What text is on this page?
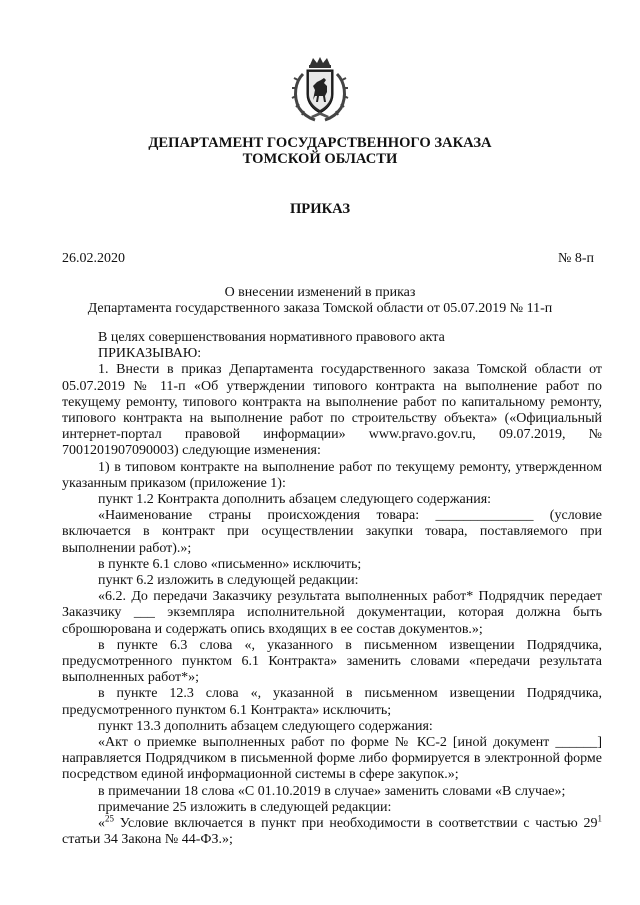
ДЕПАРТАМЕНТ ГОСУДАРСТВЕННОГО ЗАКАЗА
ТОМСКОЙ ОБЛАСТИ
ПРИКАЗ
26.02.2020	№ 8-п
О внесении изменений в приказ
Департамента государственного заказа Томской области от 05.07.2019 № 11-п

В целях совершенствования нормативного правового акта

ПРИКАЗЫВАЮ:

1. Внести в приказ Департамента государственного заказа Томской области от 05.07.2019 № 11-п «Об утверждении типового контракта на выполнение работ по текущему ремонту, типового контракта на выполнение работ по капитальному ремонту, типового контракта на выполнение работ по строительству объекта» («Официальный интернет-портал правовой информации» www.pravo.gov.ru, 09.07.2019, № 7001201907090003) следующие изменения:

1) в типовом контракте на выполнение работ по текущему ремонту, утвержденном указанным приказом (приложение 1):

пункт 1.2 Контракта дополнить абзацем следующего содержания:

«Наименование страны происхождения товара: ______________ (условие включается в контракт при осуществлении закупки товара, поставляемого при выполнении работ).»;

в пункте 6.1 слово «письменно» исключить;

пункт 6.2 изложить в следующей редакции:

«6.2. До передачи Заказчику результата выполненных работ* Подрядчик передает Заказчику ___ экземпляра исполнительной документации, которая должна быть сброшюрована и содержать опись входящих в ее состав документов.»;

в пункте 6.3 слова «, указанного в письменном извещении Подрядчика, предусмотренного пунктом 6.1 Контракта» заменить словами «передачи результата выполненных работ*»;

в пункте 12.3 слова «, указанной в письменном извещении Подрядчика, предусмотренного пунктом 6.1 Контракта» исключить;

пункт 13.3 дополнить абзацем следующего содержания:

«Акт о приемке выполненных работ по форме № КС-2 [иной документ ______] направляется Подрядчиком в письменной форме либо формируется в электронной форме посредством единой информационной системы в сфере закупок.»;

в примечании 18 слова «С 01.10.2019 в случае» заменить словами «В случае»;

примечание 25 изложить в следующей редакции:

«$^{25}$ Условие включается в пункт при необходимости в соответствии с частью $29^1$ статьи 34 Закона № 44-ФЗ.»;
